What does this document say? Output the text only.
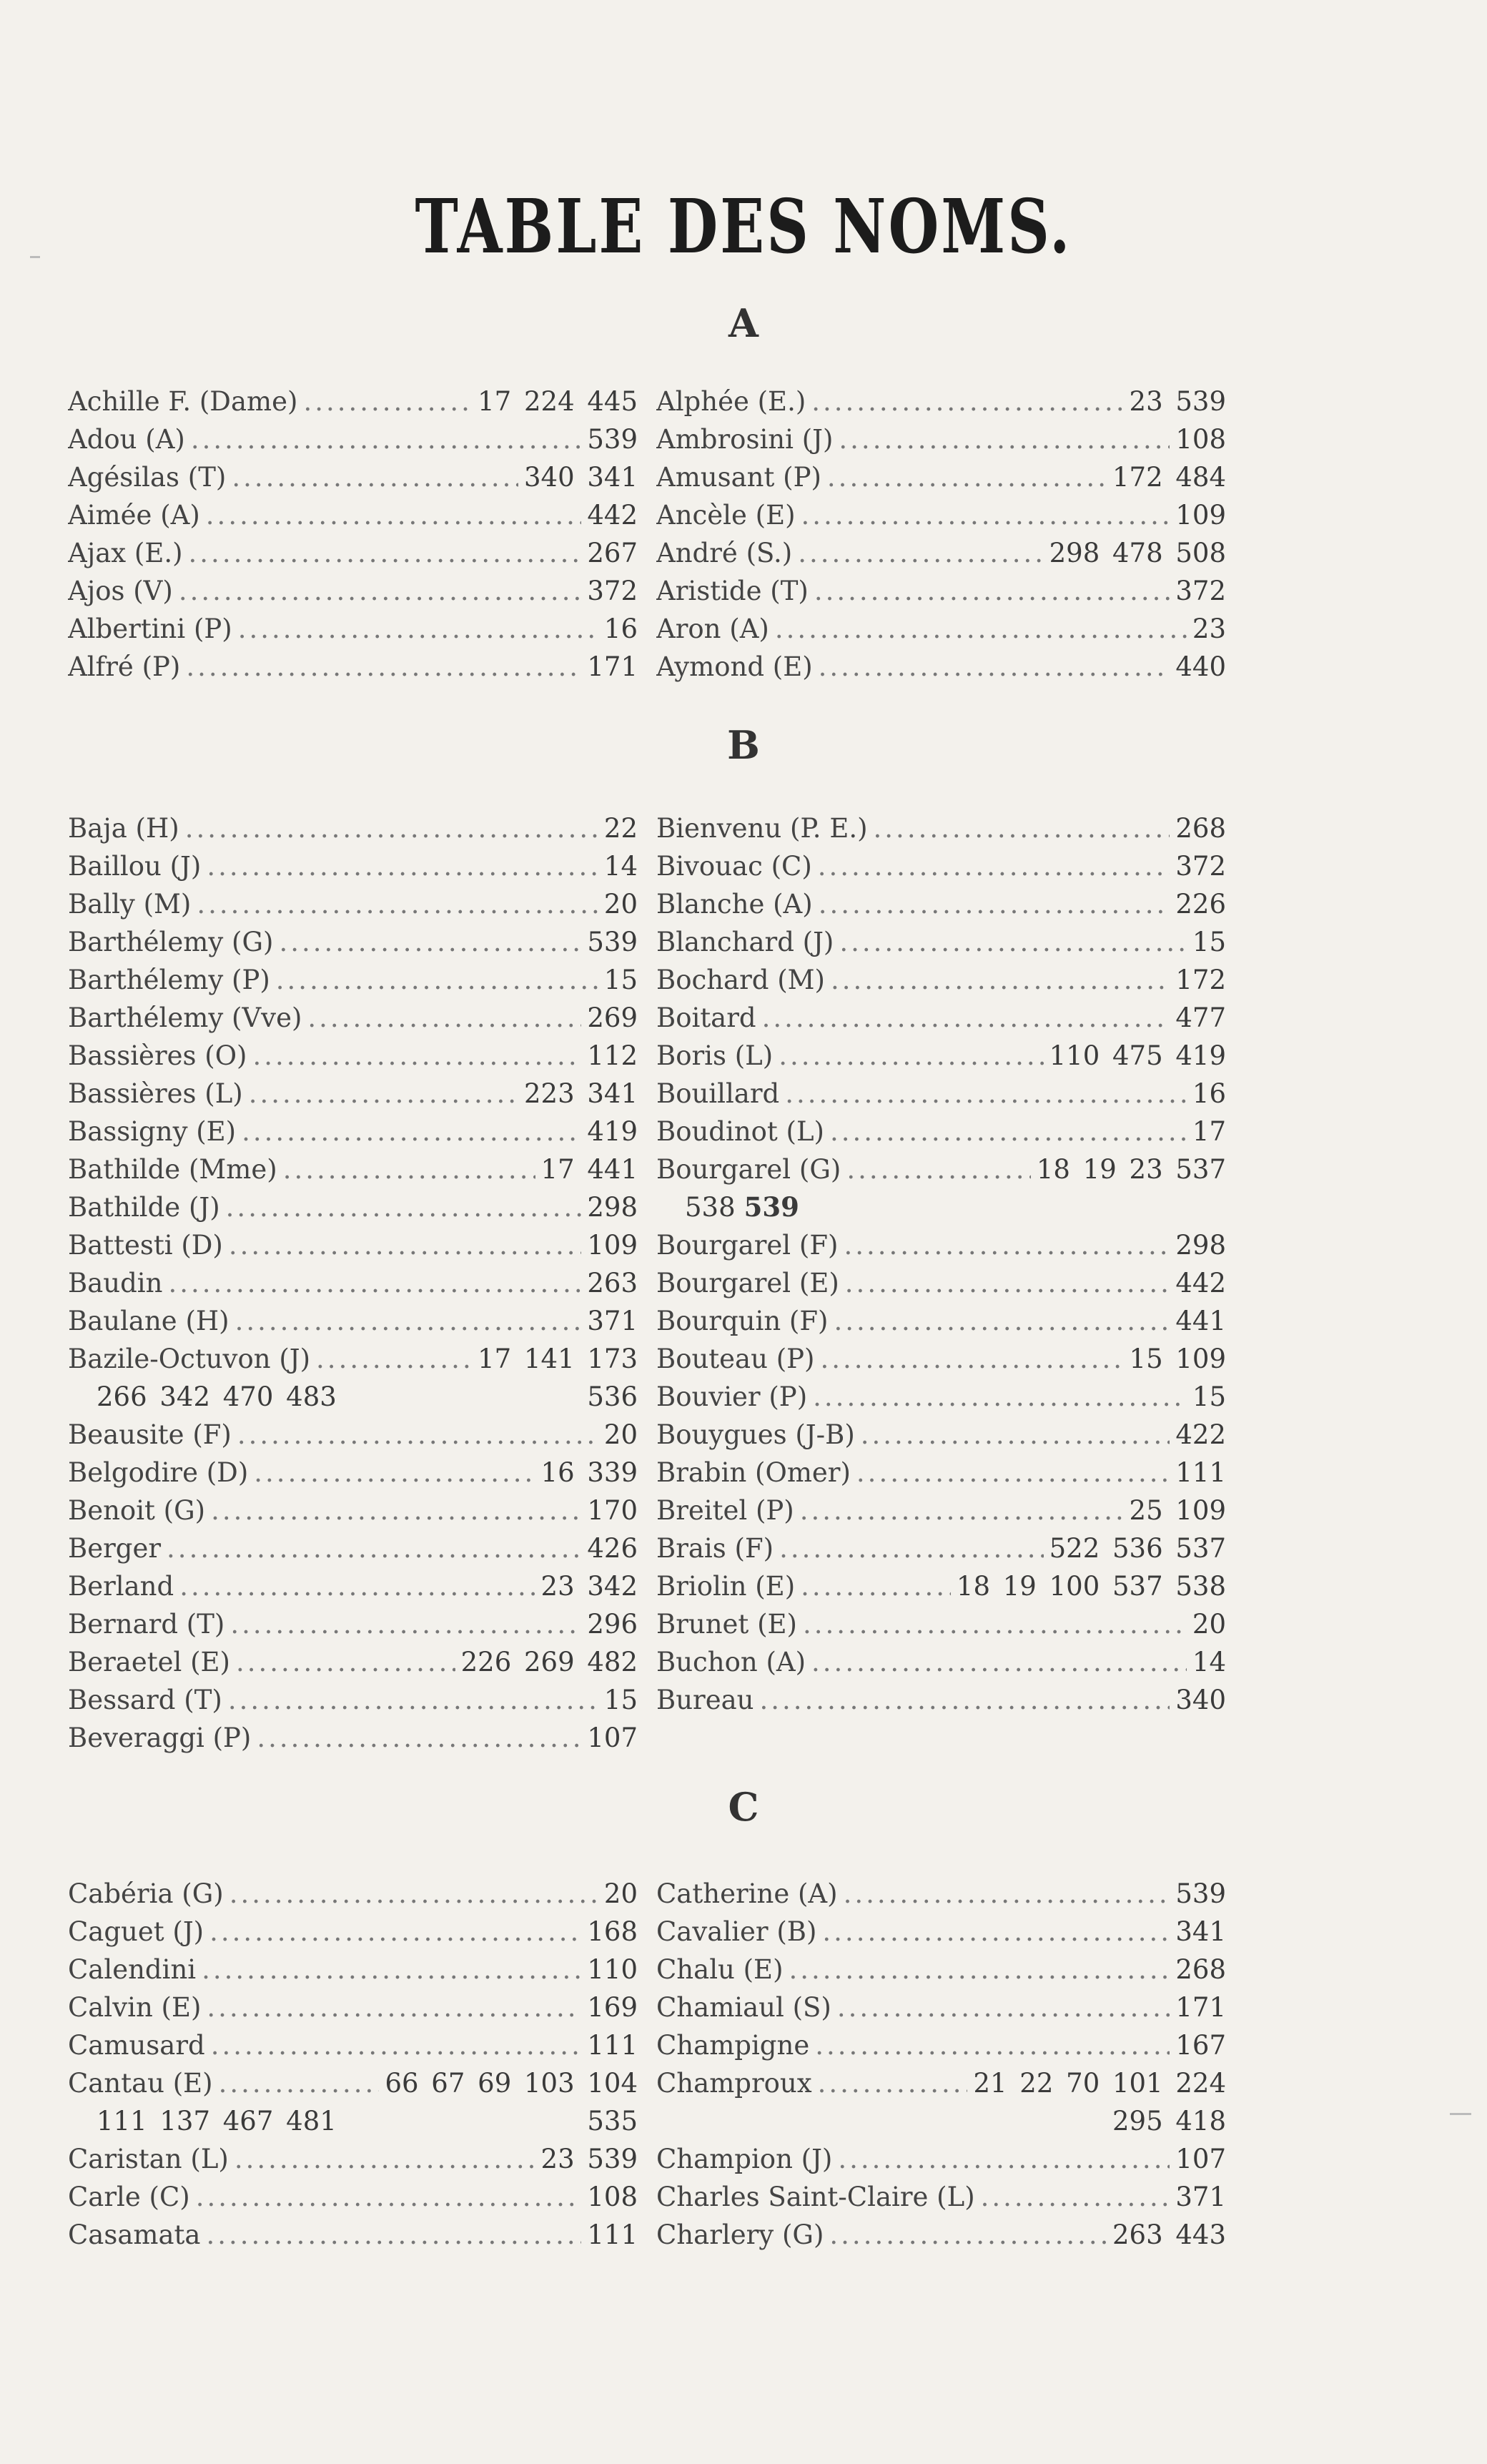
TABLE DES NOMS.
A
Achille F. (Dame) .....	17 224 445
Adou (A) .....	539
Agésilas (T) .....	340 341
Aimée (A) .....	442
Ajax (E.) .....	267
Ajos (V) .....	372
Albertini (P) .....	16
Alfré (P) .....	171
Alphée (E.) .....	23 539
Ambrosini (J) .....	108
Amusant (P) .....	172 484
Ancèle (E) .....	109
André (S.) .....	298 478 508
Aristide (T) .....	372
Aron (A) .....	23
Aymond (E) .....	440
B
Baja (H) .....	22
Baillou (J) .....	14
Bally (M) .....	20
Barthélemy (G) .....	539
Barthélemy (P) .....	15
Barthélemy (Vve) .....	269
Bassières (O) .....	112
Bassières (L) .....	223 341
Bassigny (E) .....	419
Bathilde (Mme) .....	17 441
Bathilde (J) .....	298
Battesti (D) .....	109
Baudin .....	263
Baulane (H) .....	371
Bazile-Octuvon (J) .....	17 141 173
266 342 470 483	536
Beausite (F) .....	20
Belgodire (D) .....	16 339
Benoit (G) .....	170
Berger .....	426
Berland .....	23 342
Bernard (T) .....	296
Beraetel (E) .....	226 269 482
Bessard (T) .....	15
Beveraggi (P) .....	107
Bienvenu (P. E.) .....	268
Bivouac (C) .....	372
Blanche (A) .....	226
Blanchard (J) .....	15
Bochard (M) .....	172
Boitard .....	477
Boris (L) .....	110 475 419
Bouillard .....	16
Boudinot (L) .....	17
Bourgarel (G) .....	18 19 23 537
538 539
Bourgarel (F) .....	298
Bourgarel (E) .....	442
Bourquin (F) .....	441
Bouteau (P) .....	15 109
Bouvier (P) .....	15
Bouygues (J-B) .....	422
Brabin (Omer) .....	111
Breitel (P) .....	25 109
Brais (F) .....	522 536 537
Briolin (E) .....	18 19 100 537 538
Brunet (E) .....	20
Buchon (A) .....	14
Bureau .....	340
C
Cabéria (G) .....	20
Caguet (J) .....	168
Calendini .....	110
Calvin (E) .....	169
Camusard .....	111
Cantau (E) .....	66 67 69 103 104
111 137 467 481	535
Caristan (L) .....	23 539
Carle (C) .....	108
Casamata .....	111
Catherine (A) .....	539
Cavalier (B) .....	341
Chalu (E) .....	268
Chamiaul (S) .....	171
Champigne .....	167
Champroux .....	21 22 70 101 224
295 418
Champion (J) .....	107
Charles Saint-Claire (L) .....	371
Charlery (G) .....	263 443
